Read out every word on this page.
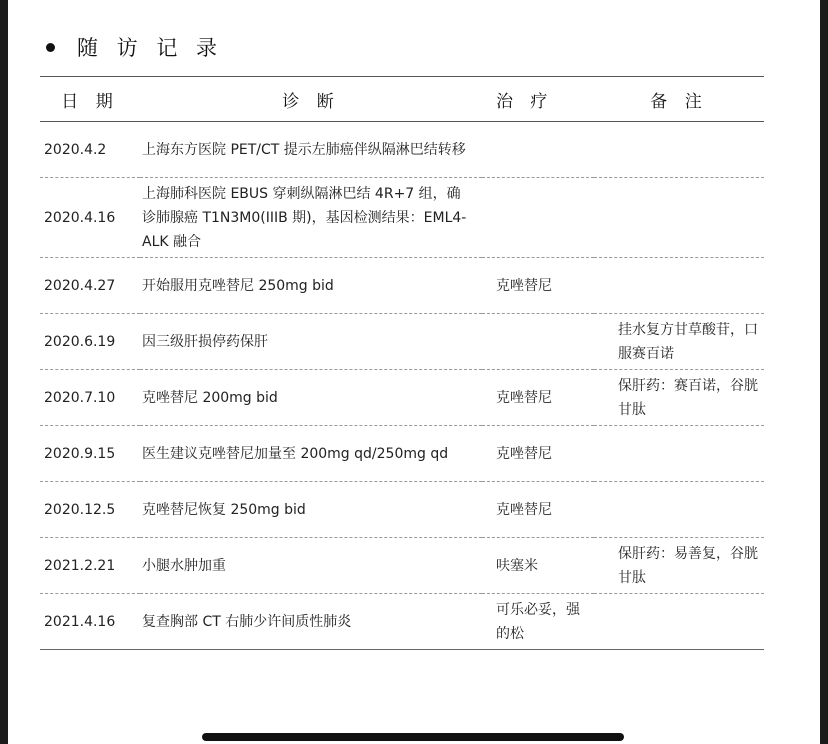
随 访 记 录
日 期	诊 断	治 疗	备 注
2020.4.2	上海东方医院 PET/CT 提示左肺癌伴纵隔淋巴结转移		
2020.4.16	上海肺科医院 EBUS 穿刺纵隔淋巴结 4R+7 组，确诊肺腺癌 T1N3M0(IIIB 期)，基因检测结果：EML4-ALK 融合		
2020.4.27	开始服用克唑替尼 250mg bid	克唑替尼	
2020.6.19	因三级肝损停药保肝		挂水复方甘草酸苷，口服赛百诺
2020.7.10	克唑替尼 200mg bid	克唑替尼	保肝药：赛百诺，谷胱甘肽
2020.9.15	医生建议克唑替尼加量至 200mg qd/250mg qd	克唑替尼	
2020.12.5	克唑替尼恢复 250mg bid	克唑替尼	
2021.2.21	小腿水肿加重	呋塞米	保肝药：易善复，谷胱甘肽
2021.4.16	复查胸部 CT 右肺少许间质性肺炎	可乐必妥，强的松	
